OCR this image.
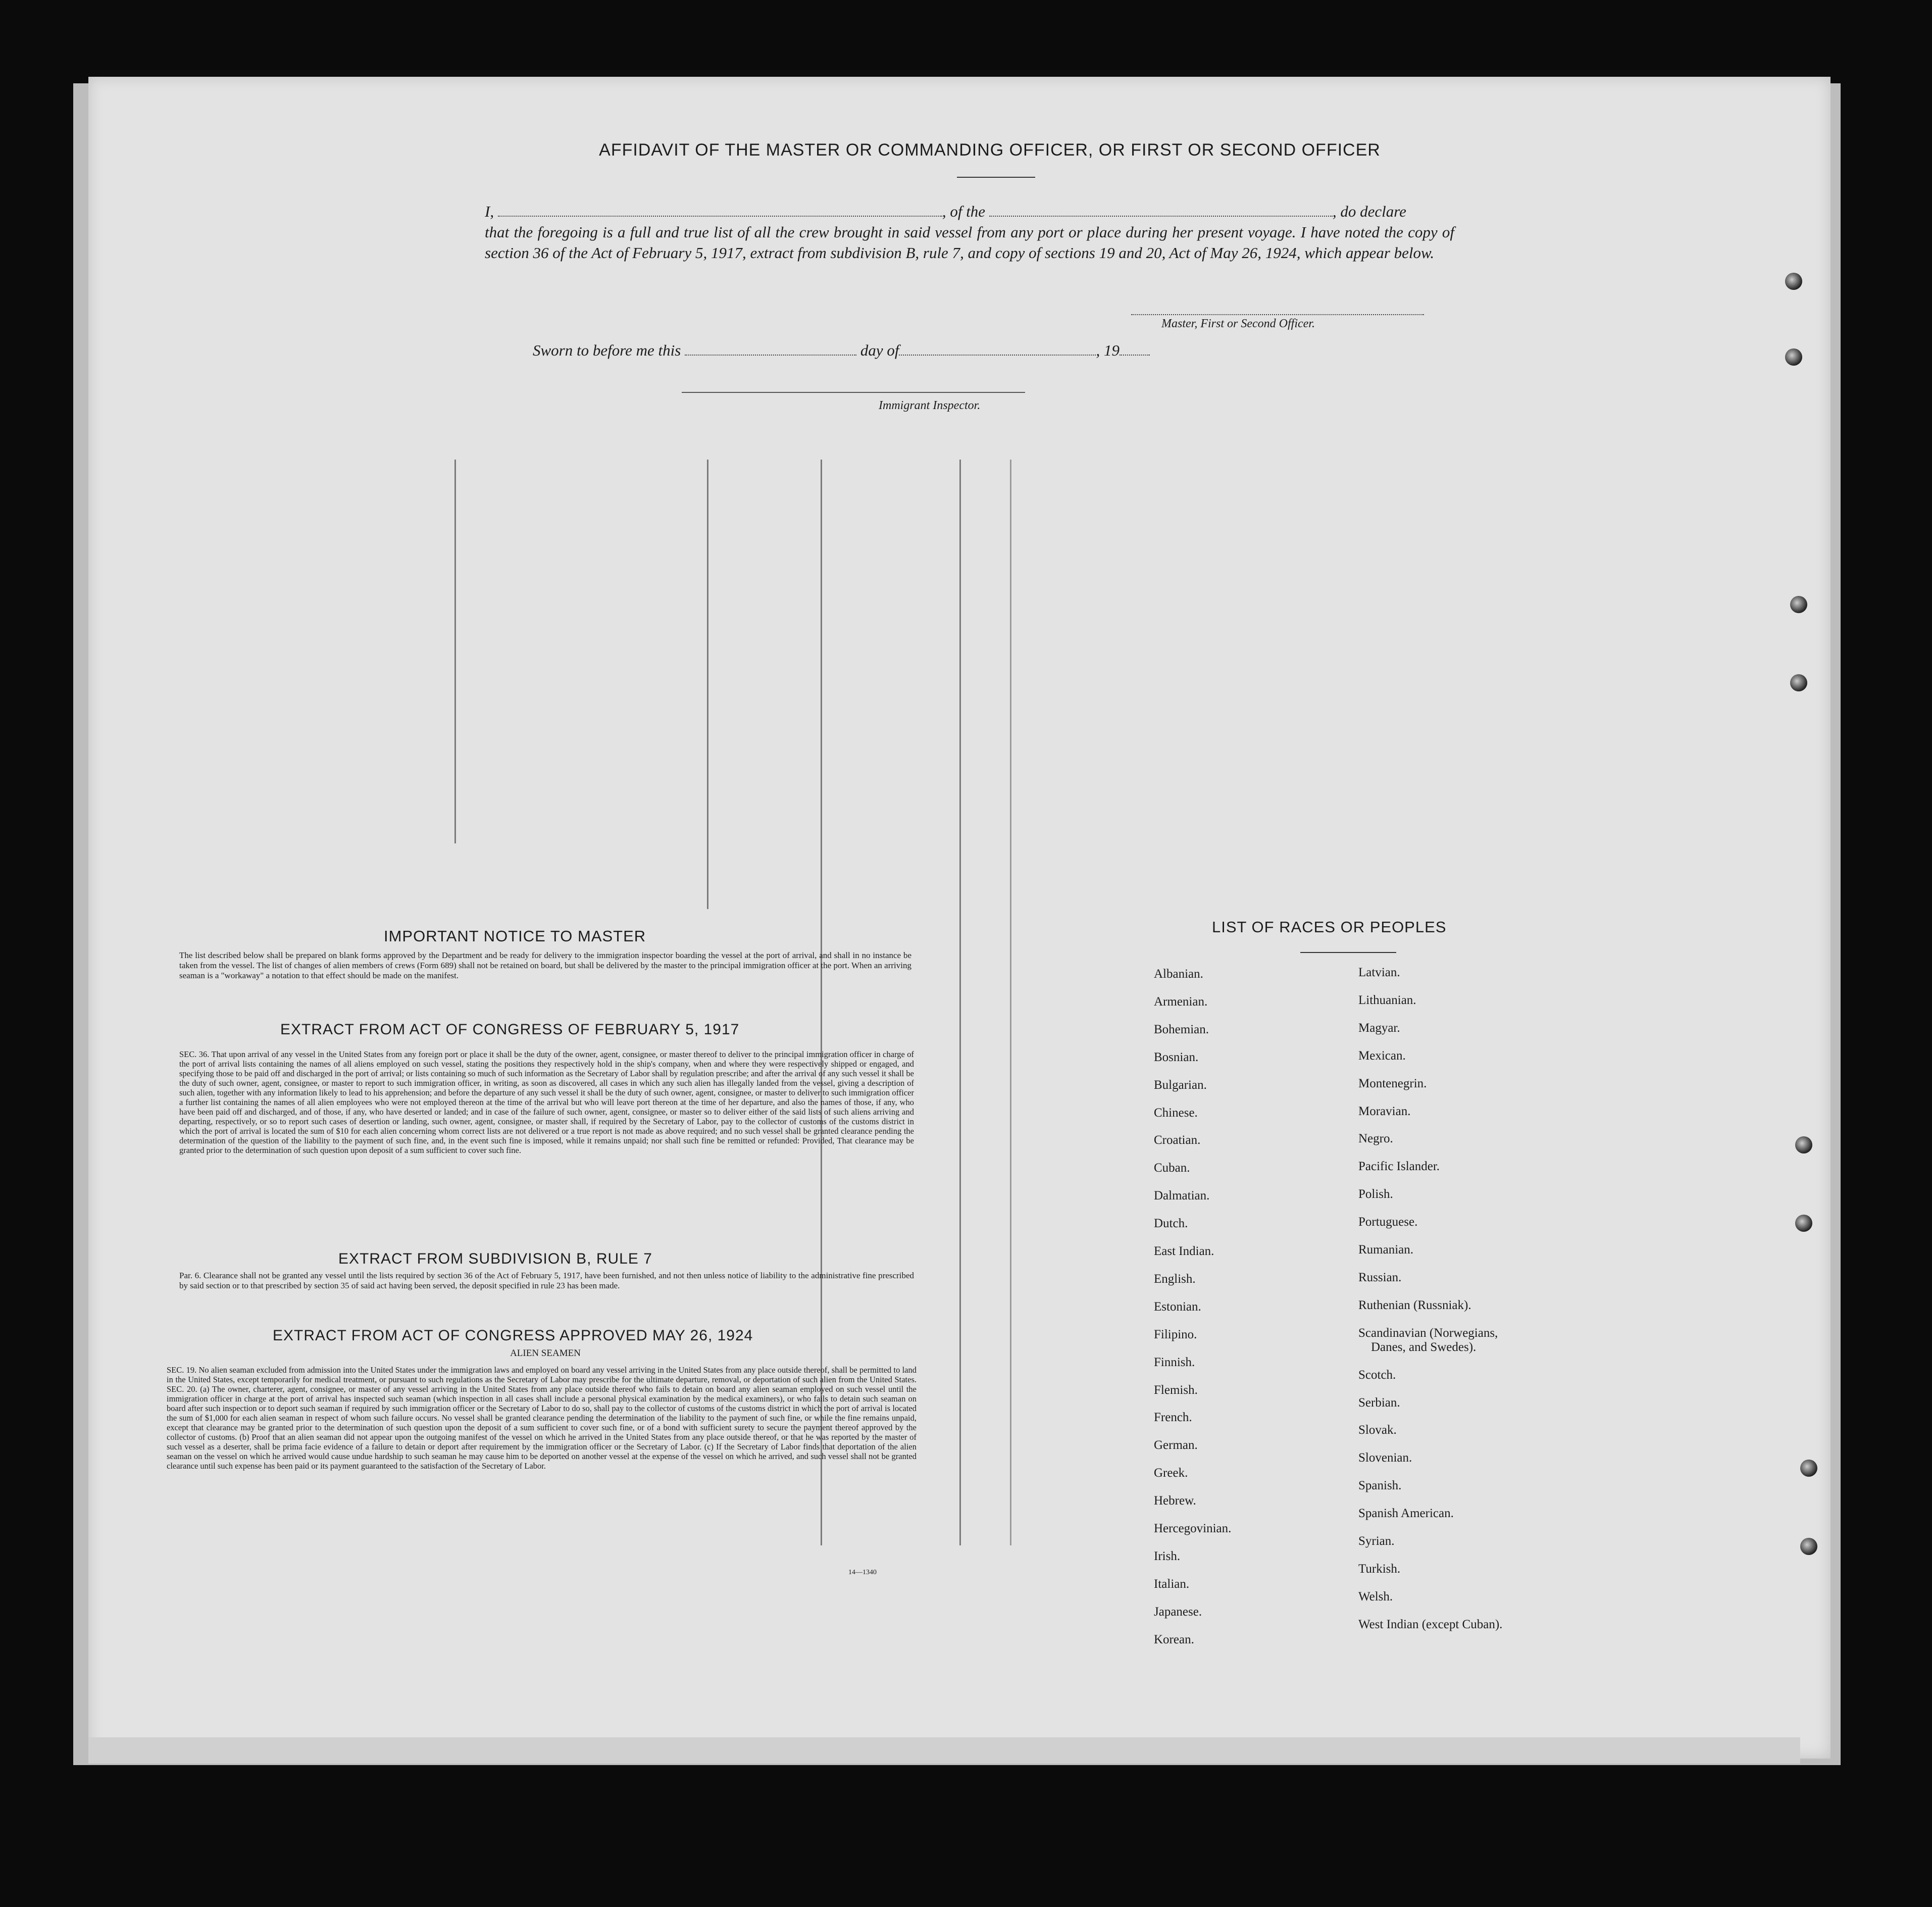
AFFIDAVIT OF THE MASTER OR COMMANDING OFFICER, OR FIRST OR SECOND OFFICER
I,	, of the	, do declare
that the foregoing is a full and true list of all the crew brought in said vessel from any port or place during her present voyage. I have noted the copy of section 36 of the Act of February 5, 1917, extract from subdivision B, rule 7, and copy of sections 19 and 20, Act of May 26, 1924, which appear below.
Master, First or Second Officer.
Sworn to before me this	day of	, 19
Immigrant Inspector.
IMPORTANT NOTICE TO MASTER
The list described below shall be prepared on blank forms approved by the Department and be ready for delivery to the immigration inspector boarding the vessel at the port of arrival, and shall in no instance be taken from the vessel. The list of changes of alien members of crews (Form 689) shall not be retained on board, but shall be delivered by the master to the principal immigration officer at the port. When an arriving seaman is a "workaway" a notation to that effect should be made on the manifest.
EXTRACT FROM ACT OF CONGRESS OF FEBRUARY 5, 1917
SEC. 36. That upon arrival of any vessel in the United States from any foreign port or place it shall be the duty of the owner, agent, consignee, or master thereof to deliver to the principal immigration officer in charge of the port of arrival lists containing the names of all aliens employed on such vessel, stating the positions they respectively hold in the ship's company, when and where they were respectively shipped or engaged, and specifying those to be paid off and discharged in the port of arrival; or lists containing so much of such information as the Secretary of Labor shall by regulation prescribe; and after the arrival of any such vessel it shall be the duty of such owner, agent, consignee, or master to report to such immigration officer, in writing, as soon as discovered, all cases in which any such alien has illegally landed from the vessel, giving a description of such alien, together with any information likely to lead to his apprehension; and before the departure of any such vessel it shall be the duty of such owner, agent, consignee, or master to deliver to such immigration officer a further list containing the names of all alien employees who were not employed thereon at the time of the arrival but who will leave port thereon at the time of her departure, and also the names of those, if any, who have been paid off and discharged, and of those, if any, who have deserted or landed; and in case of the failure of such owner, agent, consignee, or master so to deliver either of the said lists of such aliens arriving and departing, respectively, or so to report such cases of desertion or landing, such owner, agent, consignee, or master shall, if required by the Secretary of Labor, pay to the collector of customs of the customs district in which the port of arrival is located the sum of $10 for each alien concerning whom correct lists are not delivered or a true report is not made as above required; and no such vessel shall be granted clearance pending the determination of the question of the liability to the payment of such fine, and, in the event such fine is imposed, while it remains unpaid; nor shall such fine be remitted or refunded: Provided, That clearance may be granted prior to the determination of such question upon deposit of a sum sufficient to cover such fine.
EXTRACT FROM SUBDIVISION B, RULE 7
Par. 6. Clearance shall not be granted any vessel until the lists required by section 36 of the Act of February 5, 1917, have been furnished, and not then unless notice of liability to the administrative fine prescribed by said section or to that prescribed by section 35 of said act having been served, the deposit specified in rule 23 has been made.
EXTRACT FROM ACT OF CONGRESS APPROVED MAY 26, 1924
ALIEN SEAMEN
SEC. 19. No alien seaman excluded from admission into the United States under the immigration laws and employed on board any vessel arriving in the United States from any place outside thereof, shall be permitted to land in the United States, except temporarily for medical treatment, or pursuant to such regulations as the Secretary of Labor may prescribe for the ultimate departure, removal, or deportation of such alien from the United States. SEC. 20. (a) The owner, charterer, agent, consignee, or master of any vessel arriving in the United States from any place outside thereof who fails to detain on board any alien seaman employed on such vessel until the immigration officer in charge at the port of arrival has inspected such seaman (which inspection in all cases shall include a personal physical examination by the medical examiners), or who fails to detain such seaman on board after such inspection or to deport such seaman if required by such immigration officer or the Secretary of Labor to do so, shall pay to the collector of customs of the customs district in which the port of arrival is located the sum of $1,000 for each alien seaman in respect of whom such failure occurs. No vessel shall be granted clearance pending the determination of the liability to the payment of such fine, or while the fine remains unpaid, except that clearance may be granted prior to the determination of such question upon the deposit of a sum sufficient to cover such fine, or of a bond with sufficient surety to secure the payment thereof approved by the collector of customs. (b) Proof that an alien seaman did not appear upon the outgoing manifest of the vessel on which he arrived in the United States from any place outside thereof, or that he was reported by the master of such vessel as a deserter, shall be prima facie evidence of a failure to detain or deport after requirement by the immigration officer or the Secretary of Labor. (c) If the Secretary of Labor finds that deportation of the alien seaman on the vessel on which he arrived would cause undue hardship to such seaman he may cause him to be deported on another vessel at the expense of the vessel on which he arrived, and such vessel shall not be granted clearance until such expense has been paid or its payment guaranteed to the satisfaction of the Secretary of Labor.
14—1340
LIST OF RACES OR PEOPLES
Albanian.
Armenian.
Bohemian.
Bosnian.
Bulgarian.
Chinese.
Croatian.
Cuban.
Dalmatian.
Dutch.
East Indian.
English.
Estonian.
Filipino.
Finnish.
Flemish.
French.
German.
Greek.
Hebrew.
Hercegovinian.
Irish.
Italian.
Japanese.
Korean.
Latvian.
Lithuanian.
Magyar.
Mexican.
Montenegrin.
Moravian.
Negro.
Pacific Islander.
Polish.
Portuguese.
Rumanian.
Russian.
Ruthenian (Russniak).
Scandinavian (Norwegians,
Danes, and Swedes).
Scotch.
Serbian.
Slovak.
Slovenian.
Spanish.
Spanish American.
Syrian.
Turkish.
Welsh.
West Indian (except Cuban).
